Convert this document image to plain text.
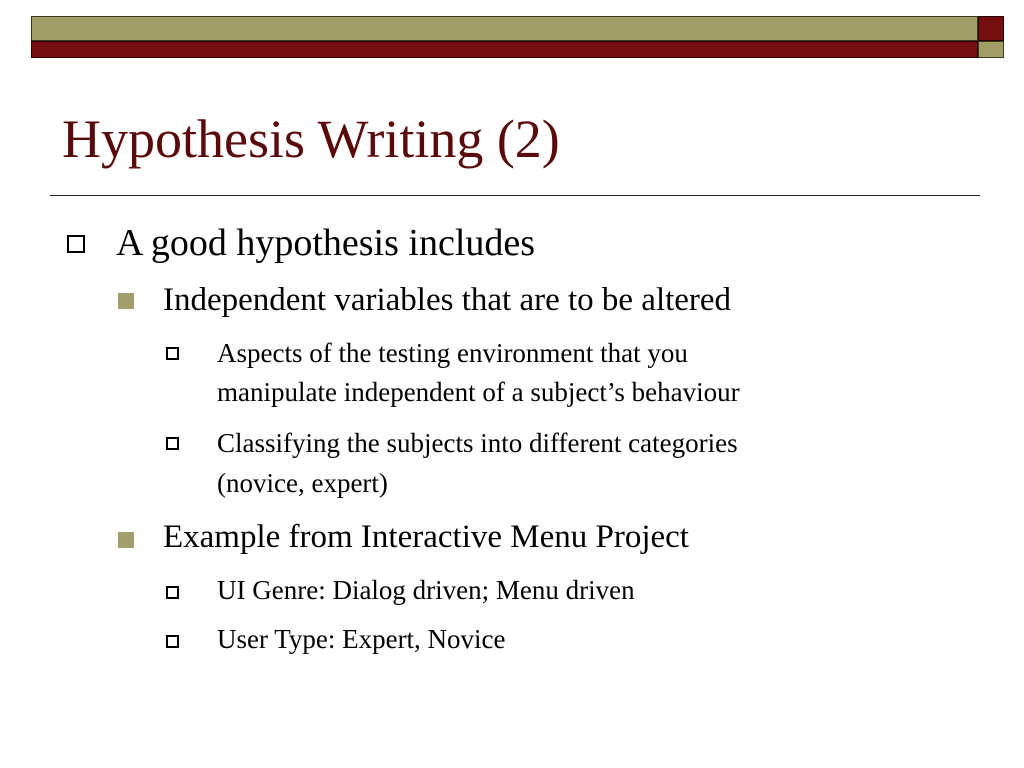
Hypothesis Writing (2)
A good hypothesis includes
Independent variables that are to be altered
Aspects of the testing environment that you
manipulate independent of a subject’s behaviour
Classifying the subjects into different categories
(novice, expert)
Example from Interactive Menu Project
UI Genre: Dialog driven; Menu driven
User Type: Expert, Novice
